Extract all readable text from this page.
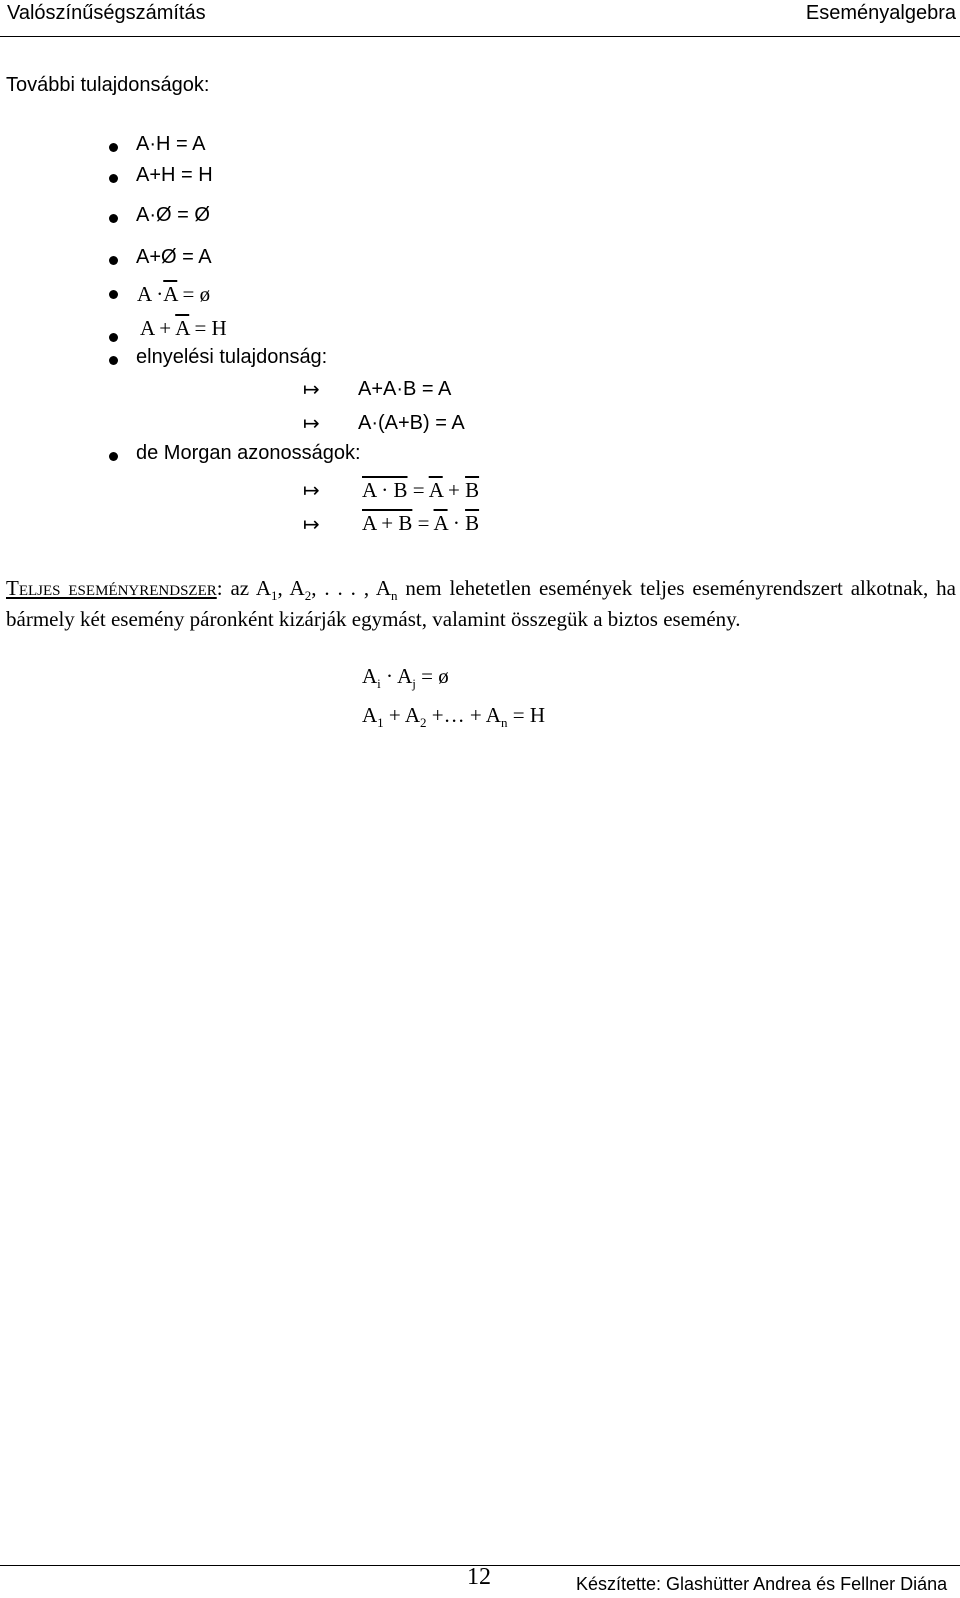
Valószínűségszámítás	Eseményalgebra
További tulajdonságok:
A·H = A
A+H = H
A·Ø = Ø
A+Ø = A
$A \cdot\overline{A}$ = ø
$A + \overline{A} = H$
elnyelési tulajdonság:
↦ A+A·B = A
↦ A·(A+B) = A
de Morgan azonosságok:
↦ $A \cdot B = \overline{A} + \overline{B}$
↦ $A + B = \overline{A} \cdot \overline{B}$
Teljes eseményrendszer: az $A_1$, $A_2$, . . . , $A_n$ nem lehetetlen események teljes eseményrendszert alkotnak, ha bármely két esemény páronként kizárják egymást, valamint összegük a biztos esemény.
$A_i \cdot A_j$ = ø
$A_1 + A_2$ +… + $A_n = H$
12	Készítette: Glashütter Andrea és Fellner Diána
